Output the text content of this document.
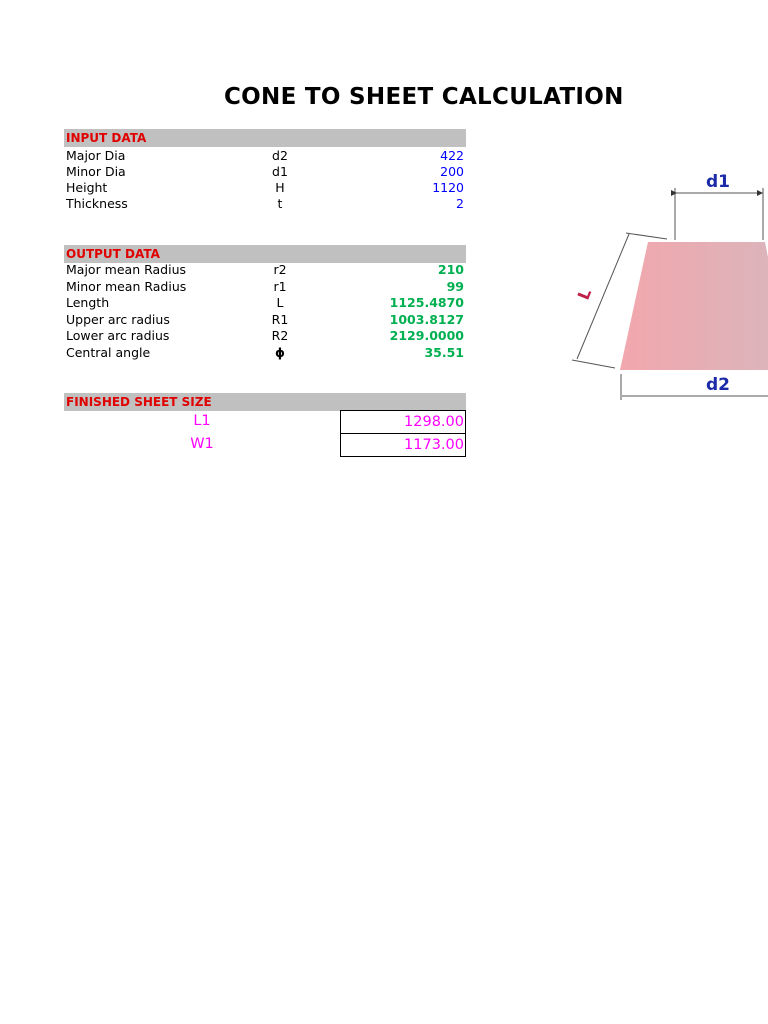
CONE TO SHEET CALCULATION
INPUT DATA
Major Dia	d2	422
Minor Dia	d1	200
Height	H	1120
Thickness	t	2
OUTPUT DATA
Major mean Radius	r2	210
Minor mean Radius	r1	99
Length	L	1125.4870
Upper arc radius	R1	1003.8127
Lower arc radius	R2	2129.0000
Central angle	ϕ	35.51
FINISHED SHEET SIZE
L1	1298.00
W1	1173.00
d1
d2
L
